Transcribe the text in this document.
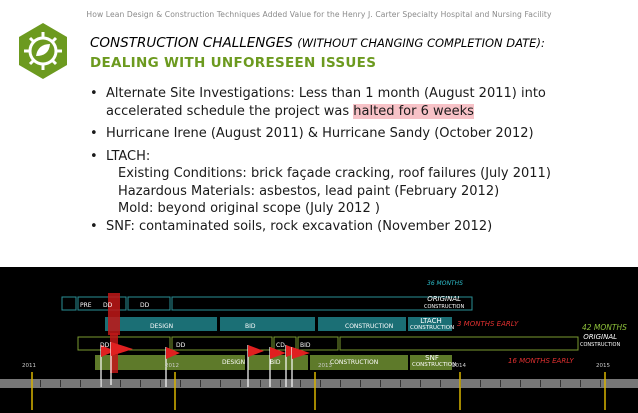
How Lean Design & Construction Techniques Added Value for the Henry J. Carter Specialty Hospital and Nursing Facility
CONSTRUCTION CHALLENGES (WITHOUT CHANGING COMPLETION DATE):
DEALING WITH UNFORESEEN ISSUES
• Alternate Site Investigations: Less than 1 month (August 2011) into
accelerated schedule the project was halted for 6 weeks
• Hurricane Irene (August 2011) & Hurricane Sandy (October 2012)
• LTACH:
Existing Conditions: brick façade cracking, roof failures (July 2011)
Hazardous Materials: asbestos, lead paint (February 2012)
Mold: beyond original scope (July 2012 )
• SNF: contaminated soils, rock excavation (November 2012)
36 MONTHS
ORIGINAL
CONSTRUCTION
PRE DD	DD
DESIGN	BID	CONSTRUCTION
LTACH
CONSTRUCTION 3 MONTHS EARLY	42 MONTHS
DD	DD	CD	BID
ORIGINAL
CONSTRUCTION
DESIGN	BID	CONSTRUCTION
SNF
CONSTRUCTION	16 MONTHS EARLY
2011	2012	2013	2014	2015
